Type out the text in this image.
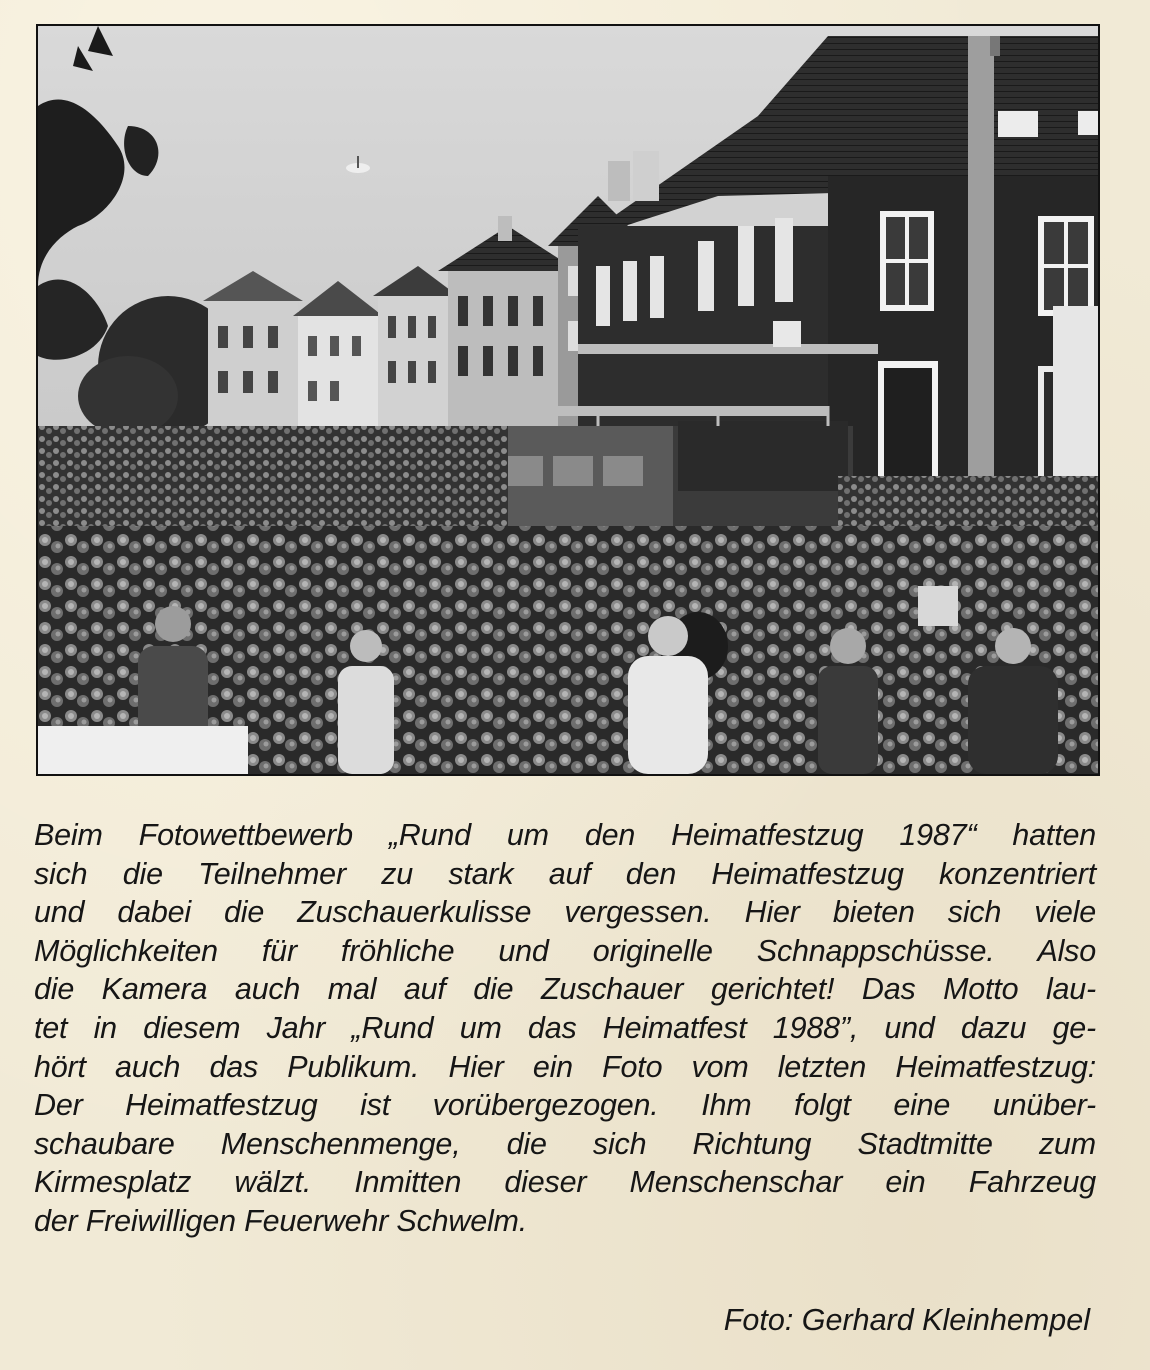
Beim Fotowettbewerb „Rund um den Heimatfestzug 1987“ hatten
sich die Teilnehmer zu stark auf den Heimatfestzug konzentriert
und dabei die Zuschauerkulisse vergessen. Hier bieten sich viele
Möglichkeiten für fröhliche und originelle Schnappschüsse. Also
die Kamera auch mal auf die Zuschauer gerichtet! Das Motto lau-
tet in diesem Jahr „Rund um das Heimatfest 1988”, und dazu ge-
hört auch das Publikum. Hier ein Foto vom letzten Heimatfestzug:
Der Heimatfestzug ist vorübergezogen. Ihm folgt eine unüber-
schaubare Menschenmenge, die sich Richtung Stadtmitte zum
Kirmesplatz wälzt. Inmitten dieser Menschenschar ein Fahrzeug
der Freiwilligen Feuerwehr Schwelm.

Foto: Gerhard Kleinhempel
